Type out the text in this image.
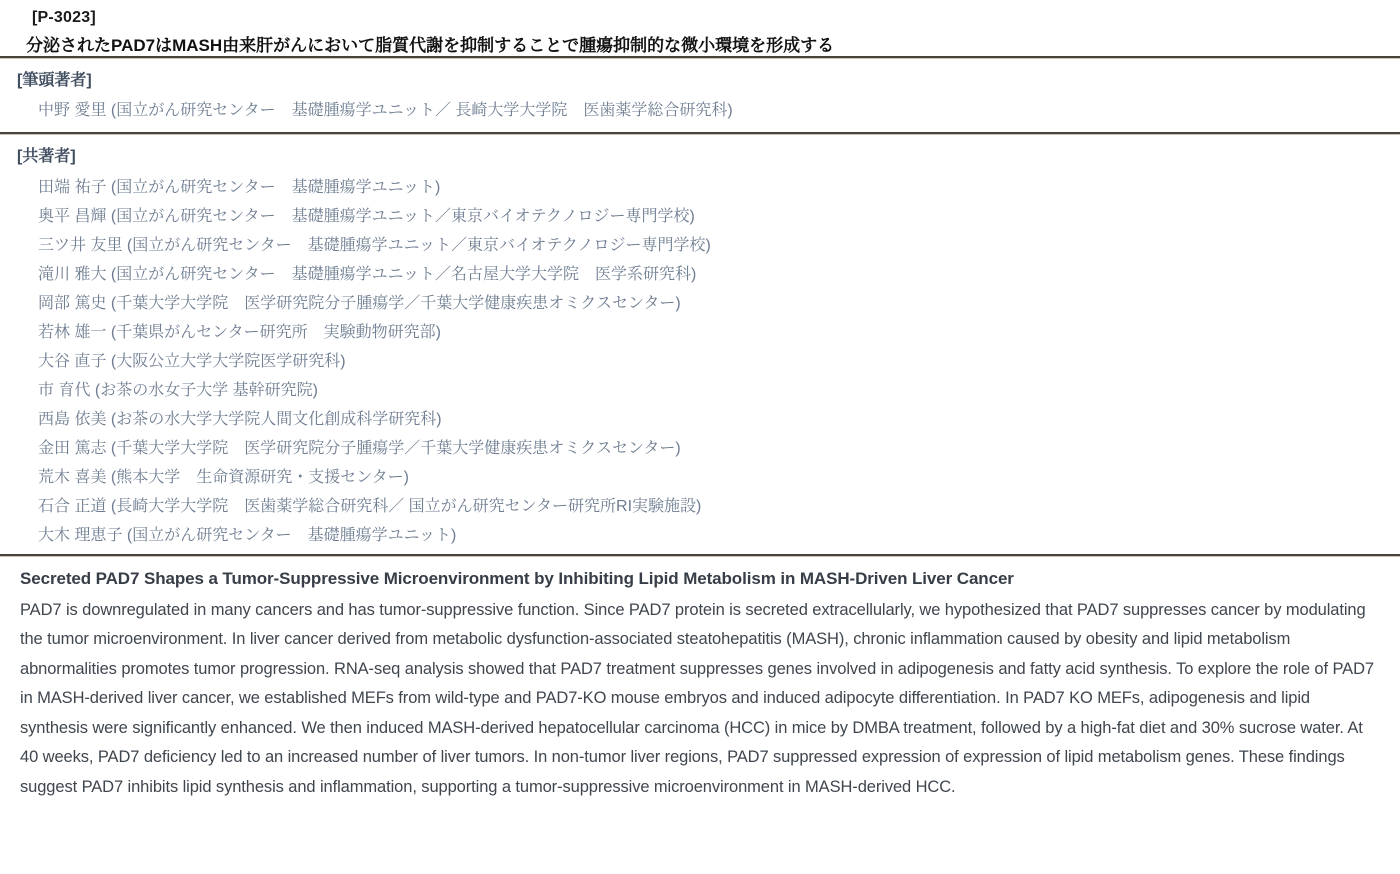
[P-3023]
分泌されたPAD7はMASH由来肝がんにおいて脂質代謝を抑制することで腫瘍抑制的な微小環境を形成する
[筆頭著者]
中野 愛里 (国立がん研究センター　基礎腫瘍学ユニット／ 長崎大学大学院　医歯薬学総合研究科)
[共著者]
田端 祐子 (国立がん研究センター　基礎腫瘍学ユニット)
奥平 昌輝 (国立がん研究センター　基礎腫瘍学ユニット／東京バイオテクノロジー専門学校)
三ツ井 友里 (国立がん研究センター　基礎腫瘍学ユニット／東京バイオテクノロジー専門学校)
滝川 雅大 (国立がん研究センター　基礎腫瘍学ユニット／名古屋大学大学院　医学系研究科)
岡部 篤史 (千葉大学大学院　医学研究院分子腫瘍学／千葉大学健康疾患オミクスセンター)
若林 雄一 (千葉県がんセンター研究所　実験動物研究部)
大谷 直子 (大阪公立大学大学院医学研究科)
市 育代 (お茶の水女子大学 基幹研究院)
西島 依美 (お茶の水大学大学院人間文化創成科学研究科)
金田 篤志 (千葉大学大学院　医学研究院分子腫瘍学／千葉大学健康疾患オミクスセンター)
荒木 喜美 (熊本大学　生命資源研究・支援センター)
石合 正道 (長崎大学大学院　医歯薬学総合研究科／ 国立がん研究センター研究所RI実験施設)
大木 理恵子 (国立がん研究センター　基礎腫瘍学ユニット)
Secreted PAD7 Shapes a Tumor-Suppressive Microenvironment by Inhibiting Lipid Metabolism in MASH-Driven Liver Cancer

PAD7 is downregulated in many cancers and has tumor-suppressive function. Since PAD7 protein is secreted extracellularly, we hypothesized that PAD7 suppresses cancer by modulating the tumor microenvironment. In liver cancer derived from metabolic dysfunction-associated steatohepatitis (MASH), chronic inflammation caused by obesity and lipid metabolism abnormalities promotes tumor progression. RNA-seq analysis showed that PAD7 treatment suppresses genes involved in adipogenesis and fatty acid synthesis. To explore the role of PAD7 in MASH-derived liver cancer, we established MEFs from wild-type and PAD7-KO mouse embryos and induced adipocyte differentiation. In PAD7 KO MEFs, adipogenesis and lipid synthesis were significantly enhanced. We then induced MASH-derived hepatocellular carcinoma (HCC) in mice by DMBA treatment, followed by a high-fat diet and 30% sucrose water. At 40 weeks, PAD7 deficiency led to an increased number of liver tumors. In non-tumor liver regions, PAD7 suppressed expression of expression of lipid metabolism genes. These findings suggest PAD7 inhibits lipid synthesis and inflammation, supporting a tumor-suppressive microenvironment in MASH-derived HCC.
